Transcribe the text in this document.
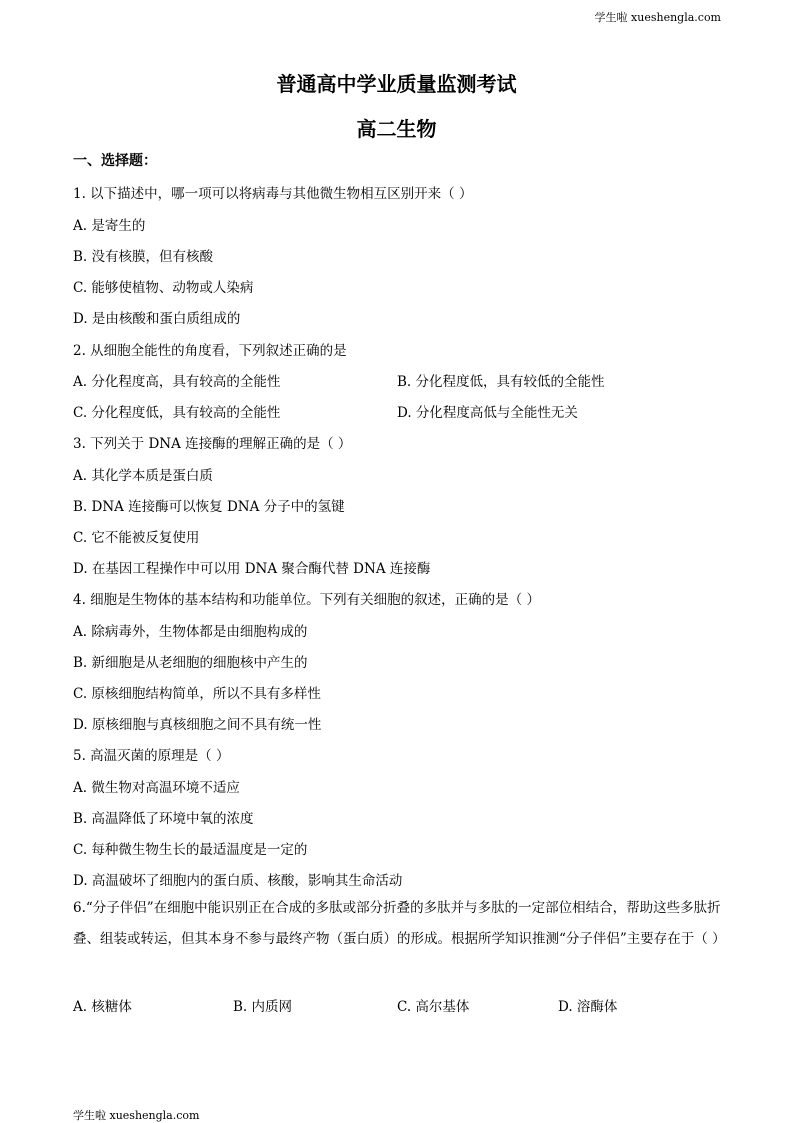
学生啦 xueshengla.com
普通高中学业质量监测考试
高二生物
一、选择题：
1. 以下描述中，哪一项可以将病毒与其他微生物相互区别开来（ ）
A. 是寄生的
B. 没有核膜，但有核酸
C. 能够使植物、动物或人染病
D. 是由核酸和蛋白质组成的
2. 从细胞全能性的角度看，下列叙述正确的是
A. 分化程度高，具有较高的全能性	B. 分化程度低，具有较低的全能性
C. 分化程度低，具有较高的全能性	D. 分化程度高低与全能性无关
3. 下列关于 DNA 连接酶的理解正确的是（ ）
A. 其化学本质是蛋白质
B. DNA 连接酶可以恢复 DNA 分子中的氢键
C. 它不能被反复使用
D. 在基因工程操作中可以用 DNA 聚合酶代替 DNA 连接酶
4. 细胞是生物体的基本结构和功能单位。下列有关细胞的叙述，正确的是（ ）
A. 除病毒外，生物体都是由细胞构成的
B. 新细胞是从老细胞的细胞核中产生的
C. 原核细胞结构简单，所以不具有多样性
D. 原核细胞与真核细胞之间不具有统一性
5. 高温灭菌的原理是（ ）
A. 微生物对高温环境不适应
B. 高温降低了环境中氧的浓度
C. 每种微生物生长的最适温度是一定的
D. 高温破坏了细胞内的蛋白质、核酸，影响其生命活动
6.“分子伴侣”在细胞中能识别正在合成的多肽或部分折叠的多肽并与多肽的一定部位相结合，帮助这些多肽折叠、组装或转运，但其本身不参与最终产物（蛋白质）的形成。根据所学知识推测“分子伴侣”主要存在于（ ）
A. 核糖体	B. 内质网	C. 高尔基体	D. 溶酶体
学生啦 xueshengla.com
